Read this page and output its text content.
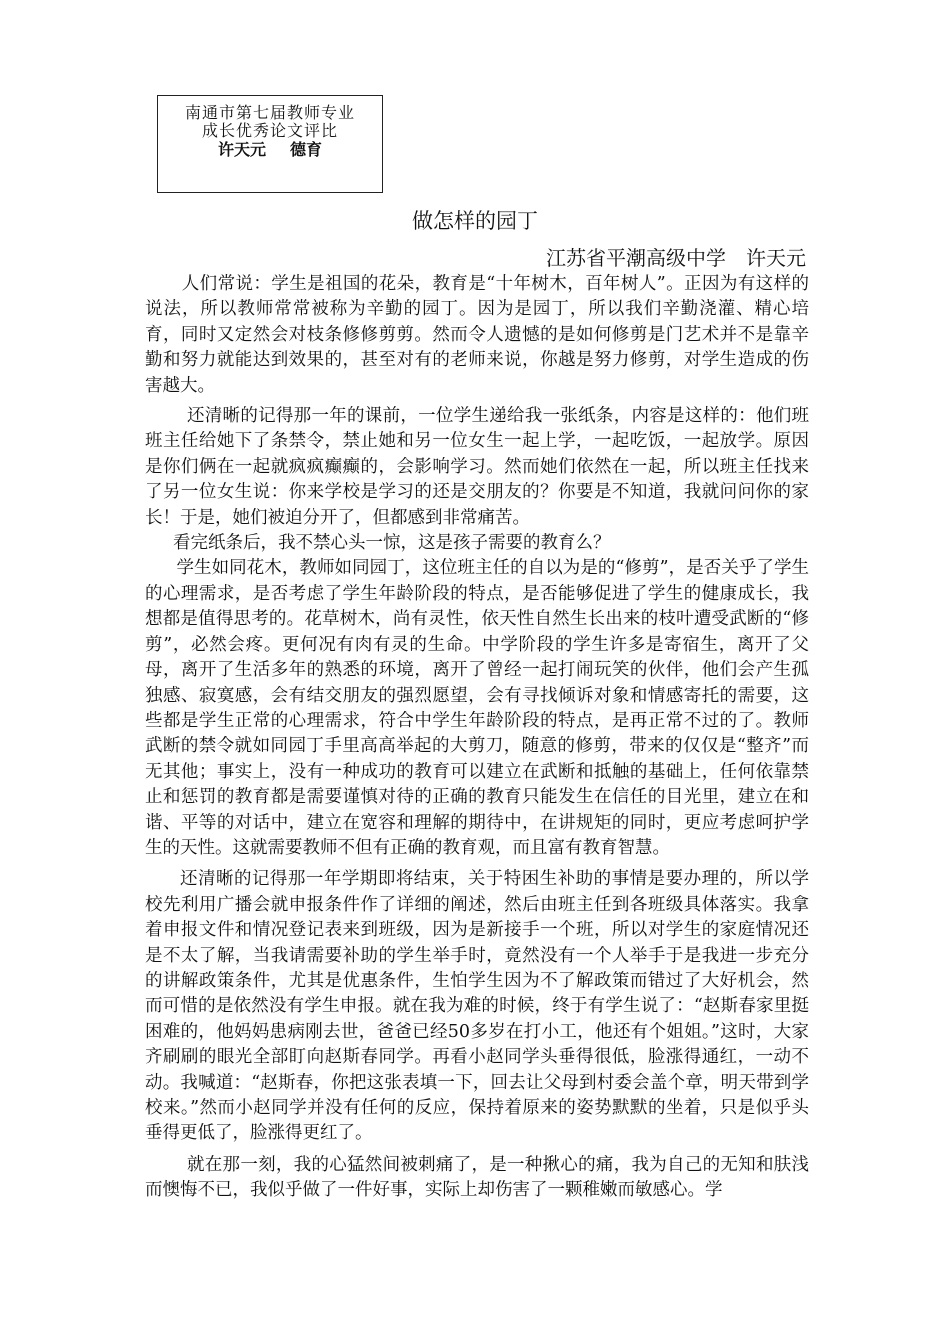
南通市第七届教师专业
成长优秀论文评比
许天元 德育
做怎样的园丁
江苏省平潮高级中学 许天元

人们常说：学生是祖国的花朵，教育是“十年树木，百年树人”。正因为有这样的说法，所以教师常常被称为辛勤的园丁。因为是园丁，所以我们辛勤浇灌、精心培育，同时又定然会对枝条修修剪剪。然而令人遗憾的是如何修剪是门艺术并不是靠辛勤和努力就能达到效果的，甚至对有的老师来说，你越是努力修剪，对学生造成的伤害越大。

还清晰的记得那一年的课前，一位学生递给我一张纸条，内容是这样的：他们班班主任给她下了条禁令，禁止她和另一位女生一起上学，一起吃饭，一起放学。原因是你们俩在一起就疯疯癫癫的，会影响学习。然而她们依然在一起，所以班主任找来了另一位女生说：你来学校是学习的还是交朋友的？你要是不知道，我就问问你的家长！于是，她们被迫分开了，但都感到非常痛苦。

看完纸条后，我不禁心头一惊，这是孩子需要的教育么？

学生如同花木，教师如同园丁，这位班主任的自以为是的“修剪”，是否关乎了学生的心理需求，是否考虑了学生年龄阶段的特点，是否能够促进了学生的健康成长，我想都是值得思考的。花草树木，尚有灵性，依天性自然生长出来的枝叶遭受武断的“修剪”，必然会疼。更何况有肉有灵的生命。中学阶段的学生许多是寄宿生，离开了父母，离开了生活多年的熟悉的环境，离开了曾经一起打闹玩笑的伙伴，他们会产生孤独感、寂寞感，会有结交朋友的强烈愿望，会有寻找倾诉对象和情感寄托的需要，这些都是学生正常的心理需求，符合中学生年龄阶段的特点，是再正常不过的了。教师武断的禁令就如同园丁手里高高举起的大剪刀，随意的修剪，带来的仅仅是“整齐”而无其他；事实上，没有一种成功的教育可以建立在武断和抵触的基础上，任何依靠禁止和惩罚的教育都是需要谨慎对待的正确的教育只能发生在信任的目光里，建立在和谐、平等的对话中，建立在宽容和理解的期待中，在讲规矩的同时，更应考虑呵护学生的天性。这就需要教师不但有正确的教育观，而且富有教育智慧。

还清晰的记得那一年学期即将结束，关于特困生补助的事情是要办理的，所以学校先利用广播会就申报条件作了详细的阐述，然后由班主任到各班级具体落实。我拿着申报文件和情况登记表来到班级，因为是新接手一个班，所以对学生的家庭情况还是不太了解，当我请需要补助的学生举手时，竟然没有一个人举手于是我进一步充分的讲解政策条件，尤其是优惠条件，生怕学生因为不了解政策而错过了大好机会，然而可惜的是依然没有学生申报。就在我为难的时候，终于有学生说了：“赵斯春家里挺困难的，他妈妈患病刚去世，爸爸已经50多岁在打小工，他还有个姐姐。”这时，大家齐刷刷的眼光全部盯向赵斯春同学。再看小赵同学头垂得很低，脸涨得通红，一动不动。我喊道：“赵斯春，你把这张表填一下，回去让父母到村委会盖个章，明天带到学校来。”然而小赵同学并没有任何的反应，保持着原来的姿势默默的坐着，只是似乎头垂得更低了，脸涨得更红了。

就在那一刻，我的心猛然间被刺痛了，是一种揪心的痛，我为自己的无知和肤浅而懊悔不已，我似乎做了一件好事，实际上却伤害了一颗稚嫩而敏感心。学
